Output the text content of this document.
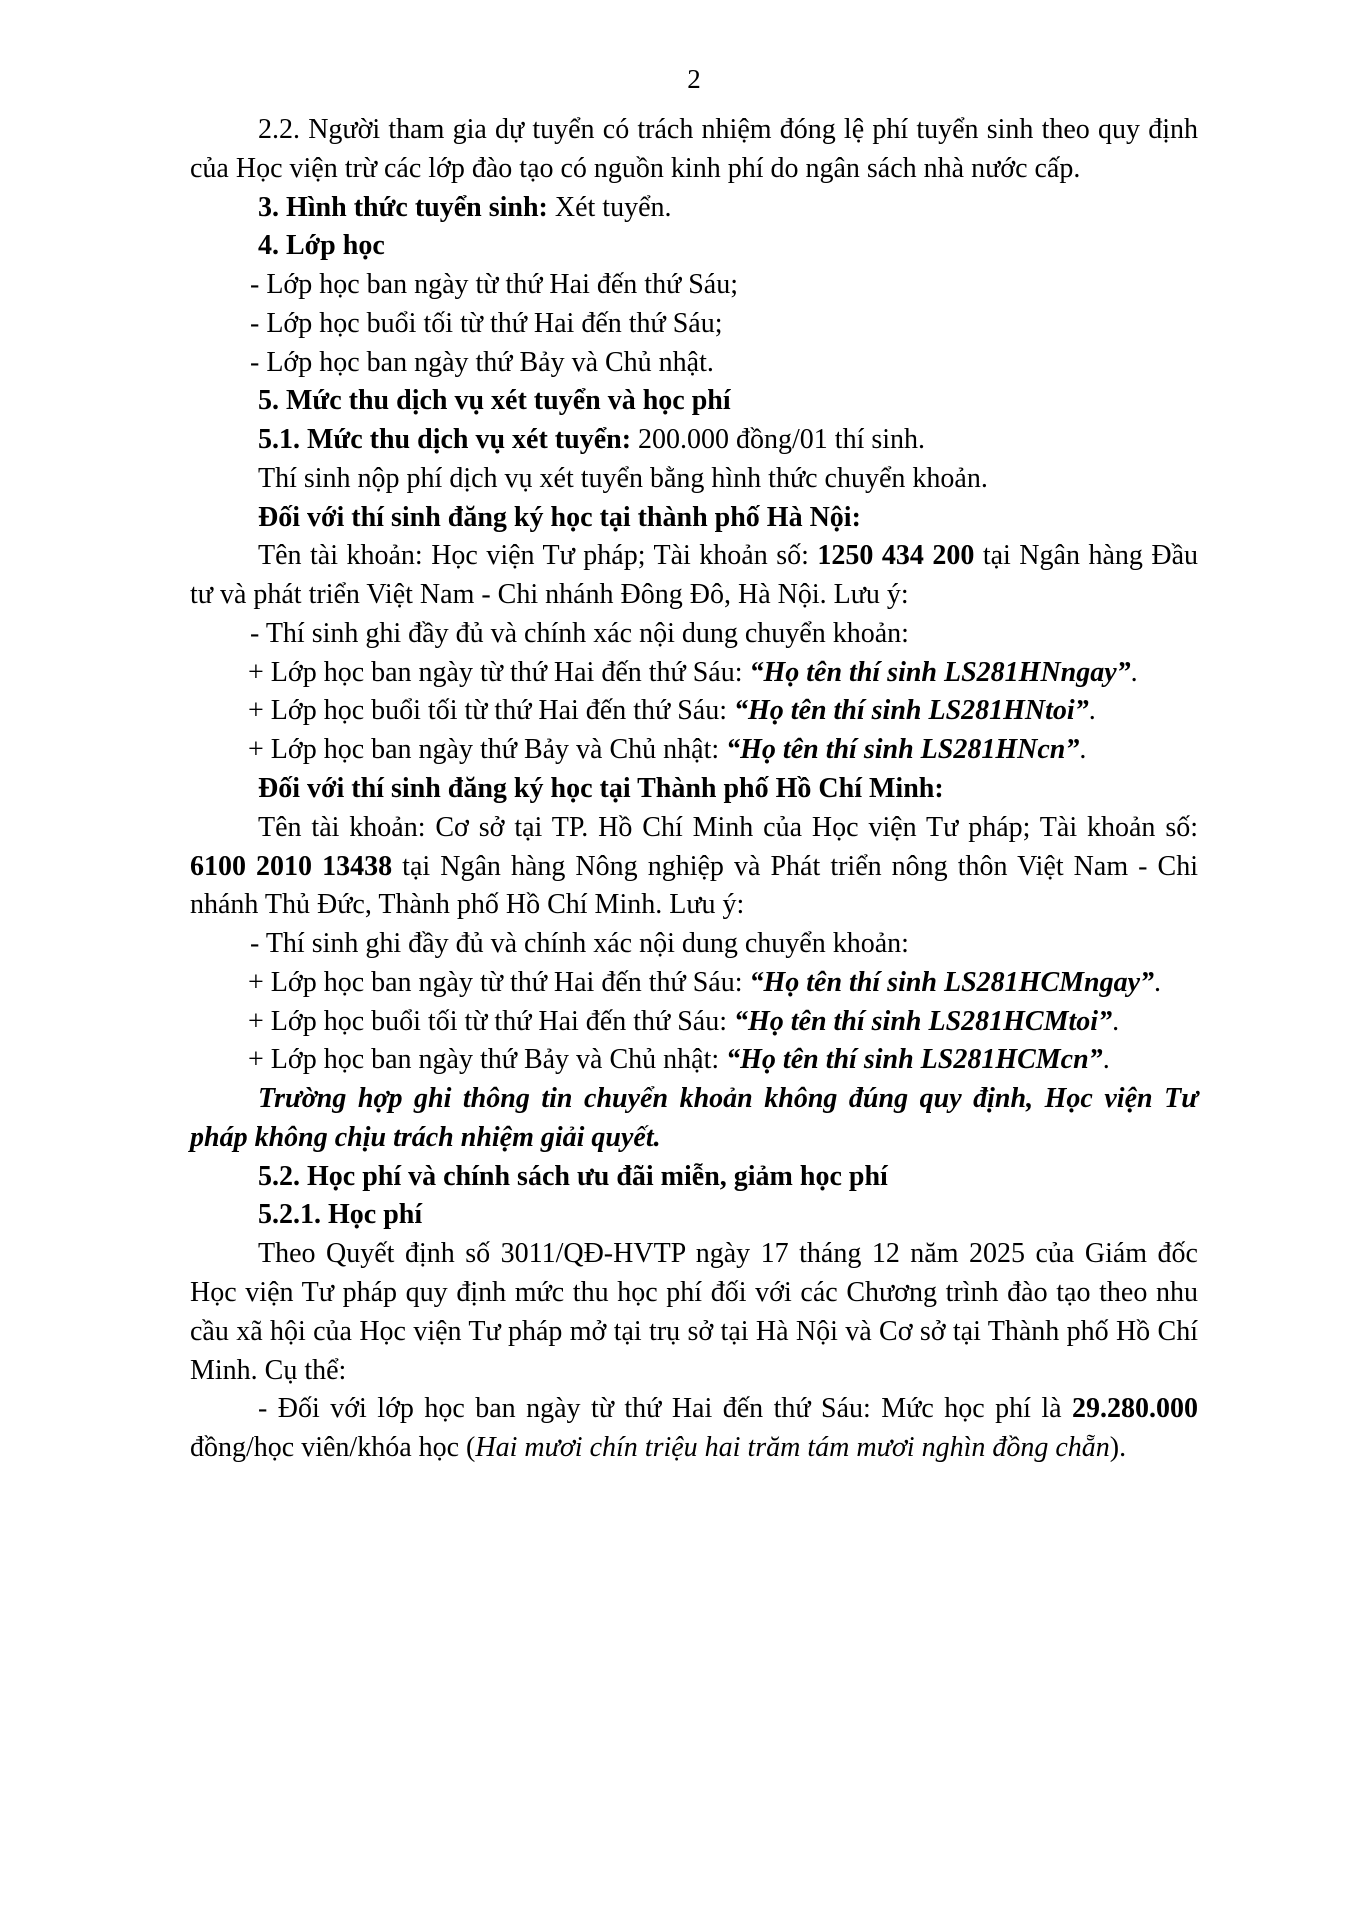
2

2.2. Người tham gia dự tuyển có trách nhiệm đóng lệ phí tuyển sinh theo quy định của Học viện trừ các lớp đào tạo có nguồn kinh phí do ngân sách nhà nước cấp.

3. Hình thức tuyển sinh: Xét tuyển.

4. Lớp học

- Lớp học ban ngày từ thứ Hai đến thứ Sáu;

- Lớp học buổi tối từ thứ Hai đến thứ Sáu;

- Lớp học ban ngày thứ Bảy và Chủ nhật.

5. Mức thu dịch vụ xét tuyển và học phí

5.1. Mức thu dịch vụ xét tuyển: 200.000 đồng/01 thí sinh.

Thí sinh nộp phí dịch vụ xét tuyển bằng hình thức chuyển khoản.

Đối với thí sinh đăng ký học tại thành phố Hà Nội:

Tên tài khoản: Học viện Tư pháp; Tài khoản số: 1250 434 200 tại Ngân hàng Đầu tư và phát triển Việt Nam - Chi nhánh Đông Đô, Hà Nội. Lưu ý:

- Thí sinh ghi đầy đủ và chính xác nội dung chuyển khoản:

+ Lớp học ban ngày từ thứ Hai đến thứ Sáu: “Họ tên thí sinh LS281HNngay”.

+ Lớp học buổi tối từ thứ Hai đến thứ Sáu: “Họ tên thí sinh LS281HNtoi”.

+ Lớp học ban ngày thứ Bảy và Chủ nhật: “Họ tên thí sinh LS281HNcn”.

Đối với thí sinh đăng ký học tại Thành phố Hồ Chí Minh:

Tên tài khoản: Cơ sở tại TP. Hồ Chí Minh của Học viện Tư pháp; Tài khoản số: 6100 2010 13438 tại Ngân hàng Nông nghiệp và Phát triển nông thôn Việt Nam - Chi nhánh Thủ Đức, Thành phố Hồ Chí Minh. Lưu ý:

- Thí sinh ghi đầy đủ và chính xác nội dung chuyển khoản:

+ Lớp học ban ngày từ thứ Hai đến thứ Sáu: “Họ tên thí sinh LS281HCMngay”.

+ Lớp học buổi tối từ thứ Hai đến thứ Sáu: “Họ tên thí sinh LS281HCMtoi”.

+ Lớp học ban ngày thứ Bảy và Chủ nhật: “Họ tên thí sinh LS281HCMcn”.

Trường hợp ghi thông tin chuyển khoản không đúng quy định, Học viện Tư pháp không chịu trách nhiệm giải quyết.

5.2. Học phí và chính sách ưu đãi miễn, giảm học phí

5.2.1. Học phí

Theo Quyết định số 3011/QĐ-HVTP ngày 17 tháng 12 năm 2025 của Giám đốc Học viện Tư pháp quy định mức thu học phí đối với các Chương trình đào tạo theo nhu cầu xã hội của Học viện Tư pháp mở tại trụ sở tại Hà Nội và Cơ sở tại Thành phố Hồ Chí Minh. Cụ thể:

- Đối với lớp học ban ngày từ thứ Hai đến thứ Sáu: Mức học phí là 29.280.000 đồng/học viên/khóa học (Hai mươi chín triệu hai trăm tám mươi nghìn đồng chẵn).
